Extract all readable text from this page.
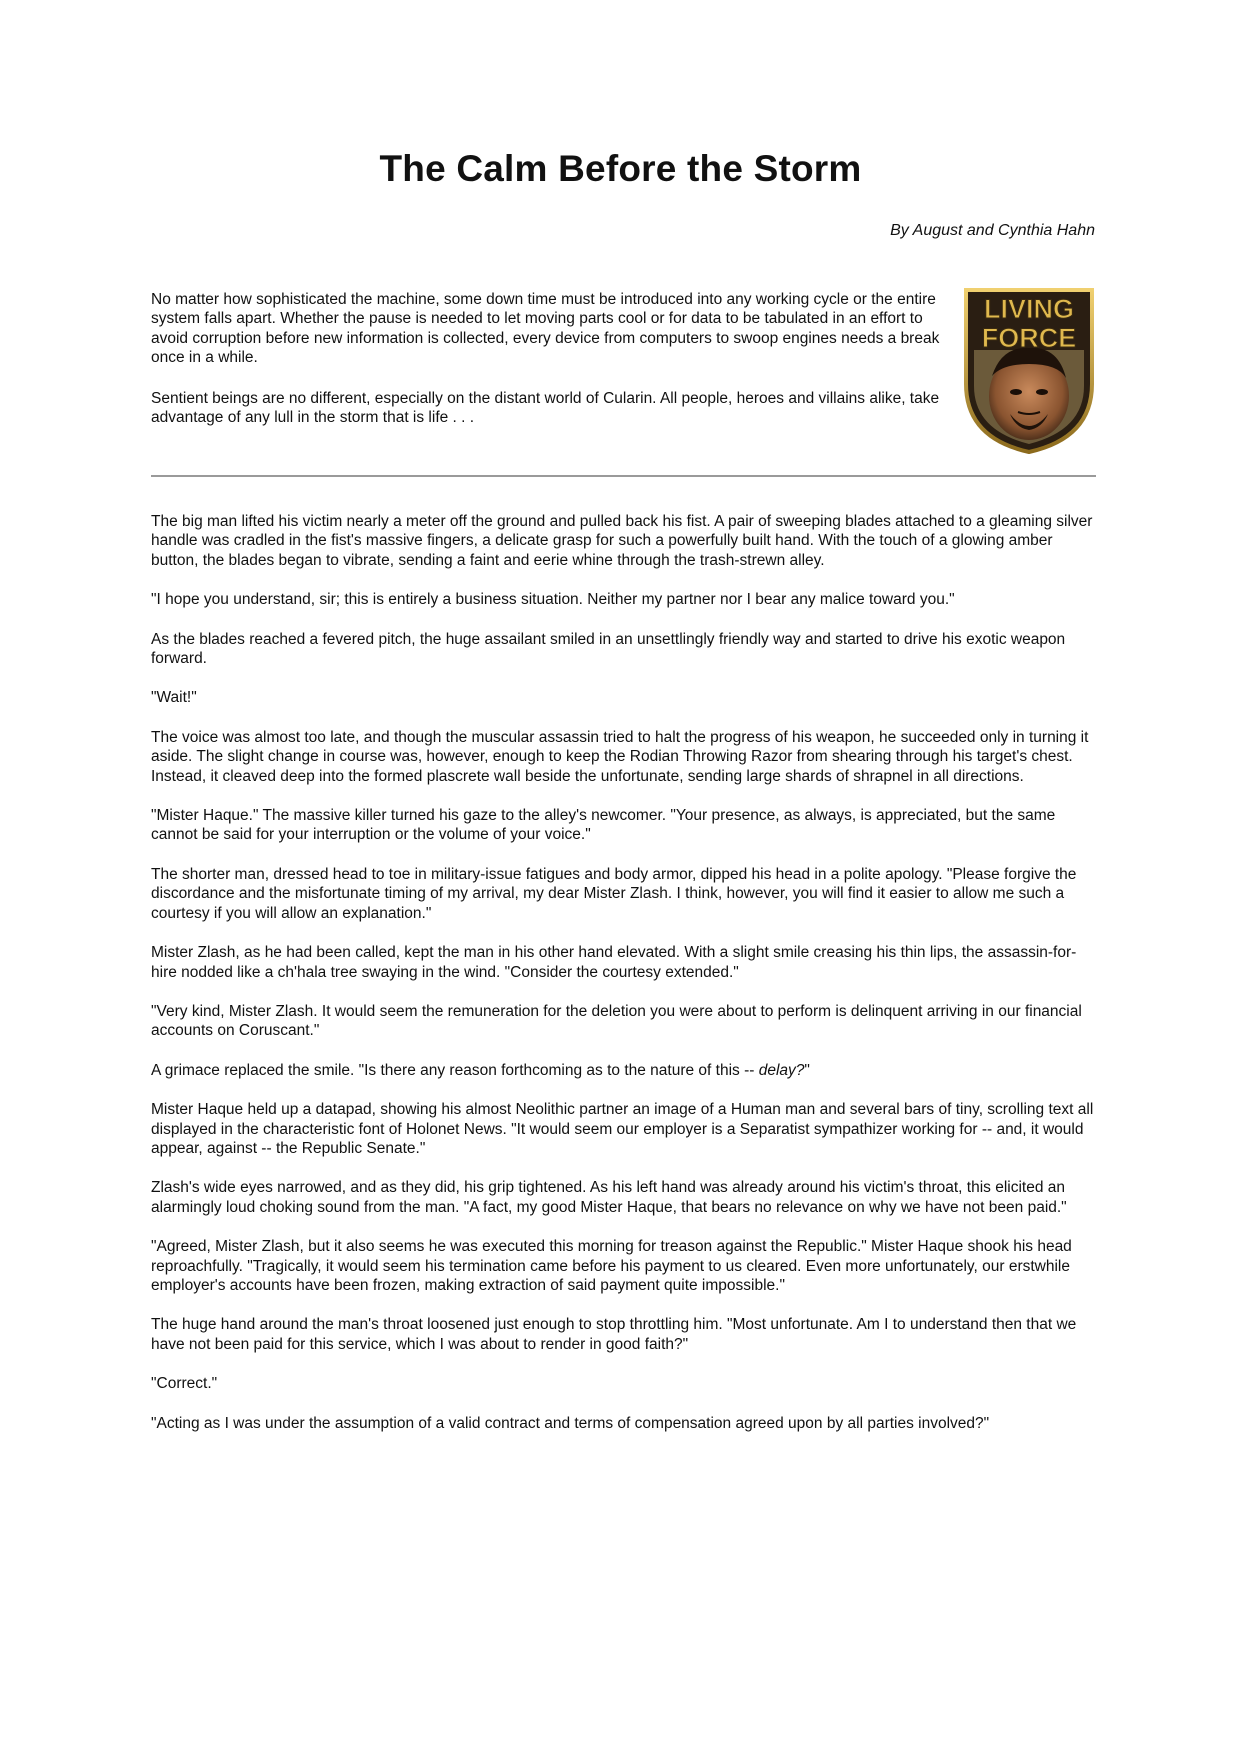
The Calm Before the Storm
By August and Cynthia Hahn

No matter how sophisticated the machine, some down time must be introduced into any working cycle or the entire system falls apart. Whether the pause is needed to let moving parts cool or for data to be tabulated in an effort to avoid corruption before new information is collected, every device from computers to swoop engines needs a break once in a while.

Sentient beings are no different, especially on the distant world of Cularin. All people, heroes and villains alike, take advantage of any lull in the storm that is life . . .

LIVING
FORCE

The big man lifted his victim nearly a meter off the ground and pulled back his fist. A pair of sweeping blades attached to a gleaming silver handle was cradled in the fist's massive fingers, a delicate grasp for such a powerfully built hand. With the touch of a glowing amber button, the blades began to vibrate, sending a faint and eerie whine through the trash-strewn alley.

"I hope you understand, sir; this is entirely a business situation. Neither my partner nor I bear any malice toward you."

As the blades reached a fevered pitch, the huge assailant smiled in an unsettlingly friendly way and started to drive his exotic weapon forward.

"Wait!"

The voice was almost too late, and though the muscular assassin tried to halt the progress of his weapon, he succeeded only in turning it aside. The slight change in course was, however, enough to keep the Rodian Throwing Razor from shearing through his target's chest. Instead, it cleaved deep into the formed plascrete wall beside the unfortunate, sending large shards of shrapnel in all directions.

"Mister Haque." The massive killer turned his gaze to the alley's newcomer. "Your presence, as always, is appreciated, but the same cannot be said for your interruption or the volume of your voice."

The shorter man, dressed head to toe in military-issue fatigues and body armor, dipped his head in a polite apology. "Please forgive the discordance and the misfortunate timing of my arrival, my dear Mister Zlash. I think, however, you will find it easier to allow me such a courtesy if you will allow an explanation."

Mister Zlash, as he had been called, kept the man in his other hand elevated. With a slight smile creasing his thin lips, the assassin-for-hire nodded like a ch'hala tree swaying in the wind. "Consider the courtesy extended."

"Very kind, Mister Zlash. It would seem the remuneration for the deletion you were about to perform is delinquent arriving in our financial accounts on Coruscant."

A grimace replaced the smile. "Is there any reason forthcoming as to the nature of this -- delay?"

Mister Haque held up a datapad, showing his almost Neolithic partner an image of a Human man and several bars of tiny, scrolling text all displayed in the characteristic font of Holonet News. "It would seem our employer is a Separatist sympathizer working for -- and, it would appear, against -- the Republic Senate."

Zlash's wide eyes narrowed, and as they did, his grip tightened. As his left hand was already around his victim's throat, this elicited an alarmingly loud choking sound from the man. "A fact, my good Mister Haque, that bears no relevance on why we have not been paid."

"Agreed, Mister Zlash, but it also seems he was executed this morning for treason against the Republic." Mister Haque shook his head reproachfully. "Tragically, it would seem his termination came before his payment to us cleared. Even more unfortunately, our erstwhile employer's accounts have been frozen, making extraction of said payment quite impossible."

The huge hand around the man's throat loosened just enough to stop throttling him. "Most unfortunate. Am I to understand then that we have not been paid for this service, which I was about to render in good faith?"

"Correct."

"Acting as I was under the assumption of a valid contract and terms of compensation agreed upon by all parties involved?"
